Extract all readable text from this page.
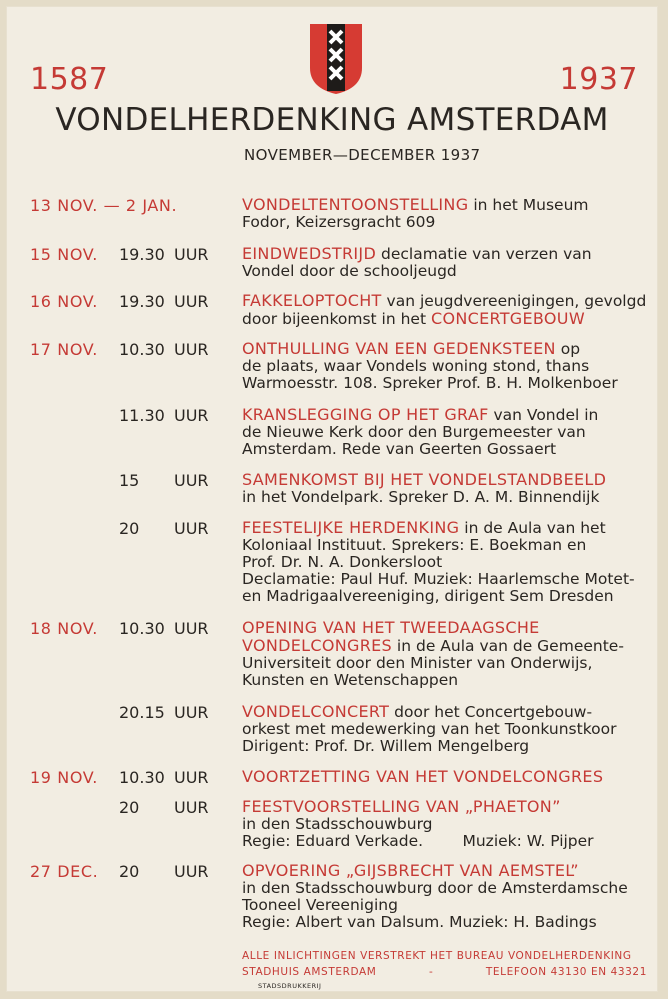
1587	1937
VONDELHERDENKING AMSTERDAM
NOVEMBER—DECEMBER 1937
13 NOV. — 2 JAN.	VONDELTENTOONSTELLING in het Museum
Fodor, Keizersgracht 609
15 NOV. 19.30 UUR EINDWEDSTRIJD declamatie van verzen van
Vondel door de schooljeugd
16 NOV. 19.30 UUR FAKKELOPTOCHT van jeugdvereenigingen, gevolgd
door bijeenkomst in het CONCERTGEBOUW
17 NOV. 10.30 UUR ONTHULLING VAN EEN GEDENKSTEEN op
de plaats, waar Vondels woning stond, thans
Warmoesstr. 108. Spreker Prof. B. H. Molkenboer
11.30 UUR KRANSLEGGING OP HET GRAF van Vondel in
de Nieuwe Kerk door den Burgemeester van
Amsterdam. Rede van Geerten Gossaert
15 UUR SAMENKOMST BIJ HET VONDELSTANDBEELD
in het Vondelpark. Spreker D. A. M. Binnendijk
20 UUR FEESTELIJKE HERDENKING in de Aula van het
Koloniaal Instituut. Sprekers: E. Boekman en
Prof. Dr. N. A. Donkersloot
Declamatie: Paul Huf. Muziek: Haarlemsche Motet-
en Madrigaalvereeniging, dirigent Sem Dresden
18 NOV. 10.30 UUR OPENING VAN HET TWEEDAAGSCHE
VONDELCONGRES in de Aula van de Gemeente-
Universiteit door den Minister van Onderwijs,
Kunsten en Wetenschappen
20.15 UUR VONDELCONCERT door het Concertgebouw-
orkest met medewerking van het Toonkunstkoor
Dirigent: Prof. Dr. Willem Mengelberg
19 NOV. 10.30 UUR VOORTZETTING VAN HET VONDELCONGRES
20 UUR FEESTVOORSTELLING VAN „PHAETON”
in den Stadsschouwburg
Regie: Eduard Verkade.        Muziek: W. Pijper
27 DEC. 20 UUR OPVOERING „GIJSBRECHT VAN AEMSTEL”
in den Stadsschouwburg door de Amsterdamsche
Tooneel Vereeniging
Regie: Albert van Dalsum. Muziek: H. Badings
ALLE INLICHTINGEN VERSTREKT HET BUREAU VONDELHERDENKING
STADHUIS AMSTERDAM	-	TELEFOON 43130 EN 43321
STADSDRUKKERIJ
